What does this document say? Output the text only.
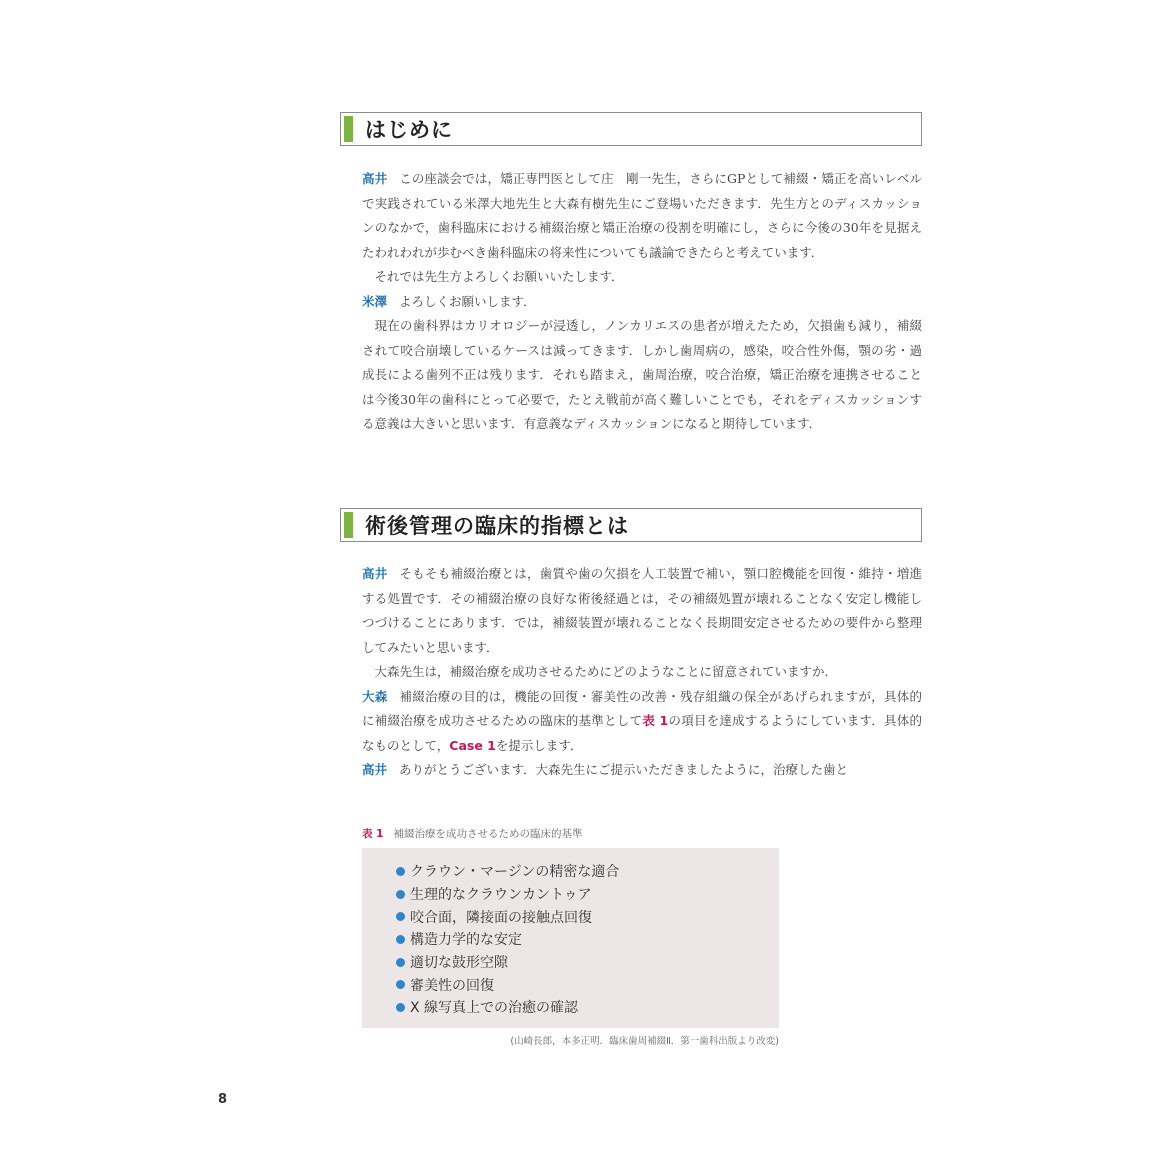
はじめに

高井 この座談会では，矯正専門医として庄　剛一先生，さらにGPとして補綴・矯正を高いレベルで実践されている米澤大地先生と大森有樹先生にご登場いただきます．先生方とのディスカッションのなかで，歯科臨床における補綴治療と矯正治療の役割を明確にし，さらに今後の30年を見据えたわれわれが歩むべき歯科臨床の将来性についても議論できたらと考えています．

それでは先生方よろしくお願いいたします．

米澤 よろしくお願いします．

現在の歯科界はカリオロジーが浸透し，ノンカリエスの患者が増えたため，欠損歯も減り，補綴されて咬合崩壊しているケースは減ってきます．しかし歯周病の，感染，咬合性外傷，顎の劣・過成長による歯列不正は残ります．それも踏まえ，歯周治療，咬合治療，矯正治療を連携させることは今後30年の歯科にとって必要で，たとえ戦前が高く難しいことでも，それをディスカッションする意義は大きいと思います．有意義なディスカッションになると期待しています．

術後管理の臨床的指標とは

高井 そもそも補綴治療とは，歯質や歯の欠損を人工装置で補い，顎口腔機能を回復・維持・増進する処置です．その補綴治療の良好な術後経過とは，その補綴処置が壊れることなく安定し機能しつづけることにあります．では，補綴装置が壊れることなく長期間安定させるための要件から整理してみたいと思います．

大森先生は，補綴治療を成功させるためにどのようなことに留意されていますか．

大森 補綴治療の目的は，機能の回復・審美性の改善・残存組織の保全があげられますが，具体的に補綴治療を成功させるための臨床的基準として表 1の項目を達成するようにしています．具体的なものとして，Case 1を提示します．

高井 ありがとうございます．大森先生にご提示いただきましたように，治療した歯と

表 1 補綴治療を成功させるための臨床的基準
クラウン・マージンの精密な適合
生理的なクラウンカントゥア
咬合面，隣接面の接触点回復
構造力学的な安定
適切な鼓形空隙
審美性の回復
X 線写真上での治癒の確認
(山崎長郎，本多正明．臨床歯周補綴Ⅱ．第一歯科出版より改変)
8
